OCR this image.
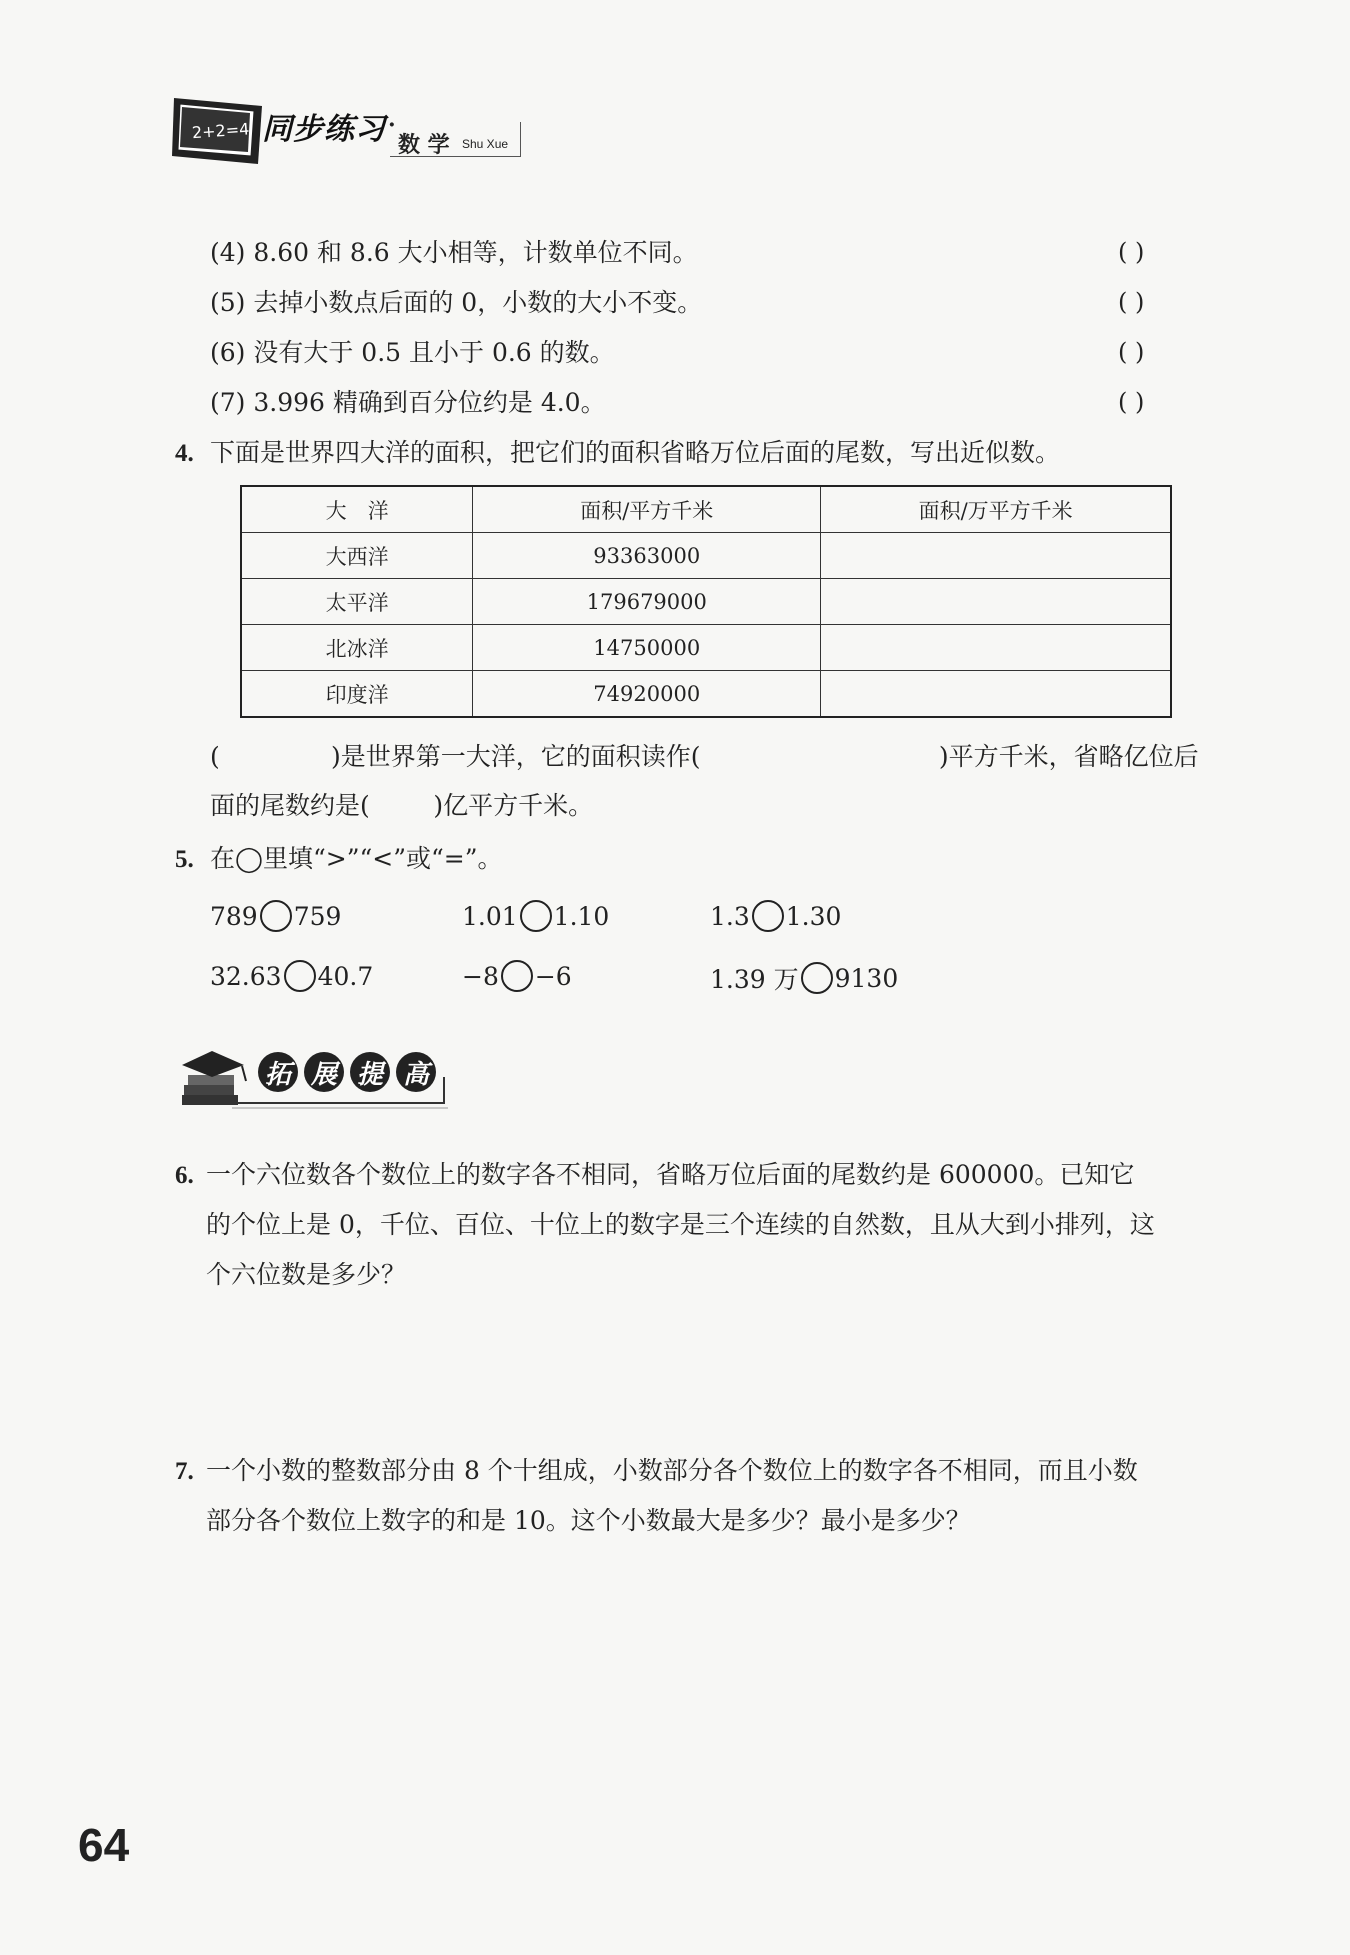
2+2=4 同步练习 ·
数 学 Shu Xue
(4) 8.60 和 8.6 大小相等，计数单位不同。	( )
(5) 去掉小数点后面的 0，小数的大小不变。	( )
(6) 没有大于 0.5 且小于 0.6 的数。	( )
(7) 3.996 精确到百分位约是 4.0。	( )
4. 下面是世界四大洋的面积，把它们的面积省略万位后面的尾数，写出近似数。
大　洋	面积/平方千米	面积/万平方千米
大西洋	93363000	
太平洋	179679000	
北冰洋	14750000	
印度洋	74920000	
(              )是世界第一大洋，它的面积读作(                              )平方千米，省略亿位后
面的尾数约是(        )亿平方千米。
5. 在◯里填“>”“<”或“=”。
789 759	1.01 1.10	1.3 1.30
32.63 40.7	−8 −6	1.39 万 9130
拓 展 提 高
6. 一个六位数各个数位上的数字各不相同，省略万位后面的尾数约是 600000。已知它
的个位上是 0，千位、百位、十位上的数字是三个连续的自然数，且从大到小排列，这
个六位数是多少？
7. 一个小数的整数部分由 8 个十组成，小数部分各个数位上的数字各不相同，而且小数
部分各个数位上数字的和是 10。这个小数最大是多少？最小是多少？
64
